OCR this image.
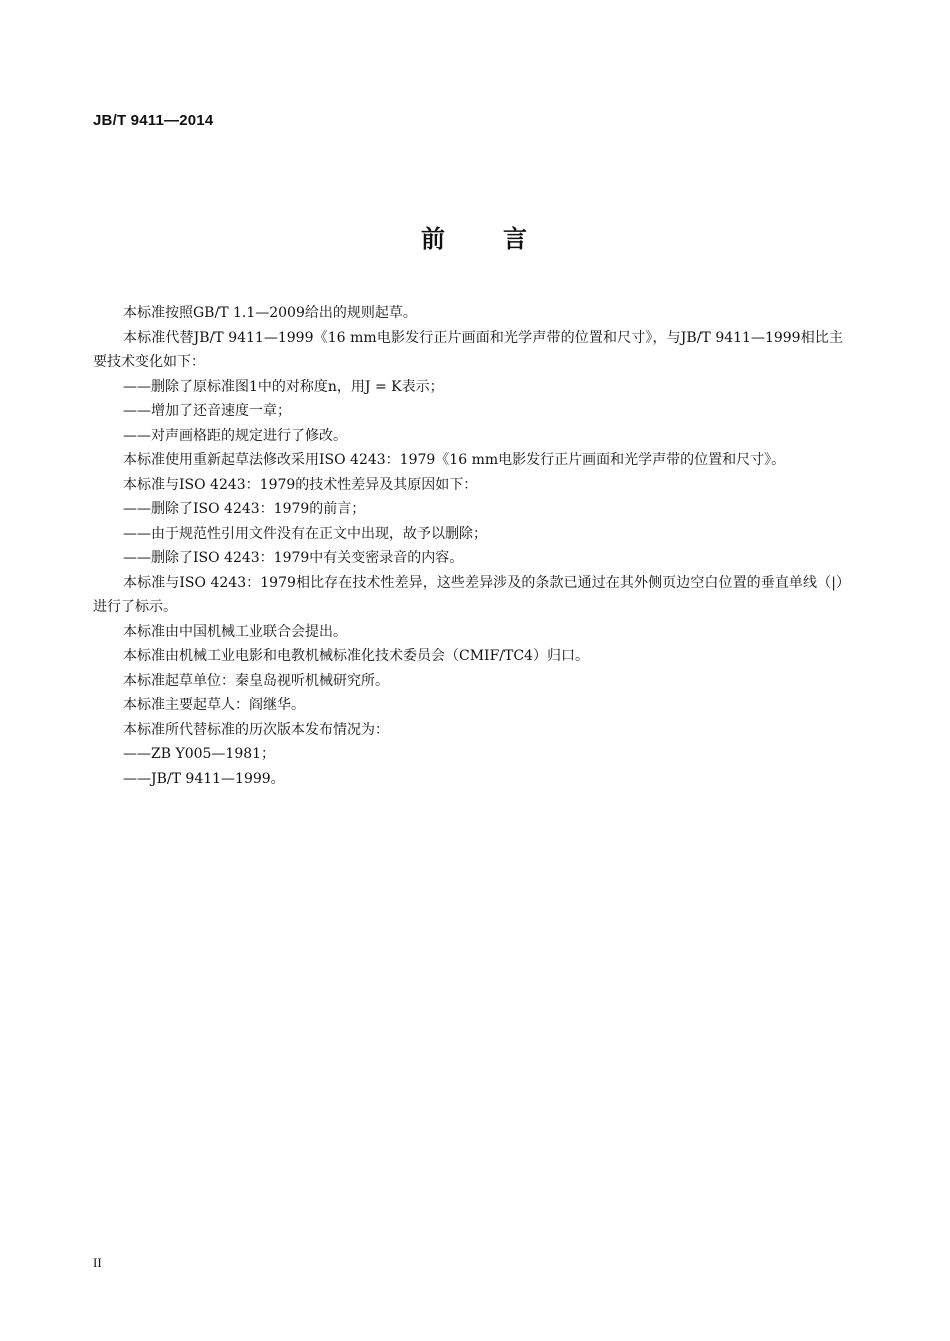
JB/T 9411—2014
前 言

本标准按照GB/T 1.1—2009给出的规则起草。

本标准代替JB/T 9411—1999《16 mm电影发行正片画面和光学声带的位置和尺寸》，与JB/T 9411—1999相比主要技术变化如下：

——删除了原标准图1中的对称度n，用J = K表示；

——增加了还音速度一章；

——对声画格距的规定进行了修改。

本标准使用重新起草法修改采用ISO 4243：1979《16 mm电影发行正片画面和光学声带的位置和尺寸》。

本标准与ISO 4243：1979的技术性差异及其原因如下：

——删除了ISO 4243：1979的前言；

——由于规范性引用文件没有在正文中出现，故予以删除；

——删除了ISO 4243：1979中有关变密录音的内容。

本标准与ISO 4243：1979相比存在技术性差异，这些差异涉及的条款已通过在其外侧页边空白位置的垂直单线（|）进行了标示。

本标准由中国机械工业联合会提出。

本标准由机械工业电影和电教机械标准化技术委员会（CMIF/TC4）归口。

本标准起草单位：秦皇岛视听机械研究所。

本标准主要起草人：阎继华。

本标准所代替标准的历次版本发布情况为：

——ZB Y005—1981；

——JB/T 9411—1999。

II
